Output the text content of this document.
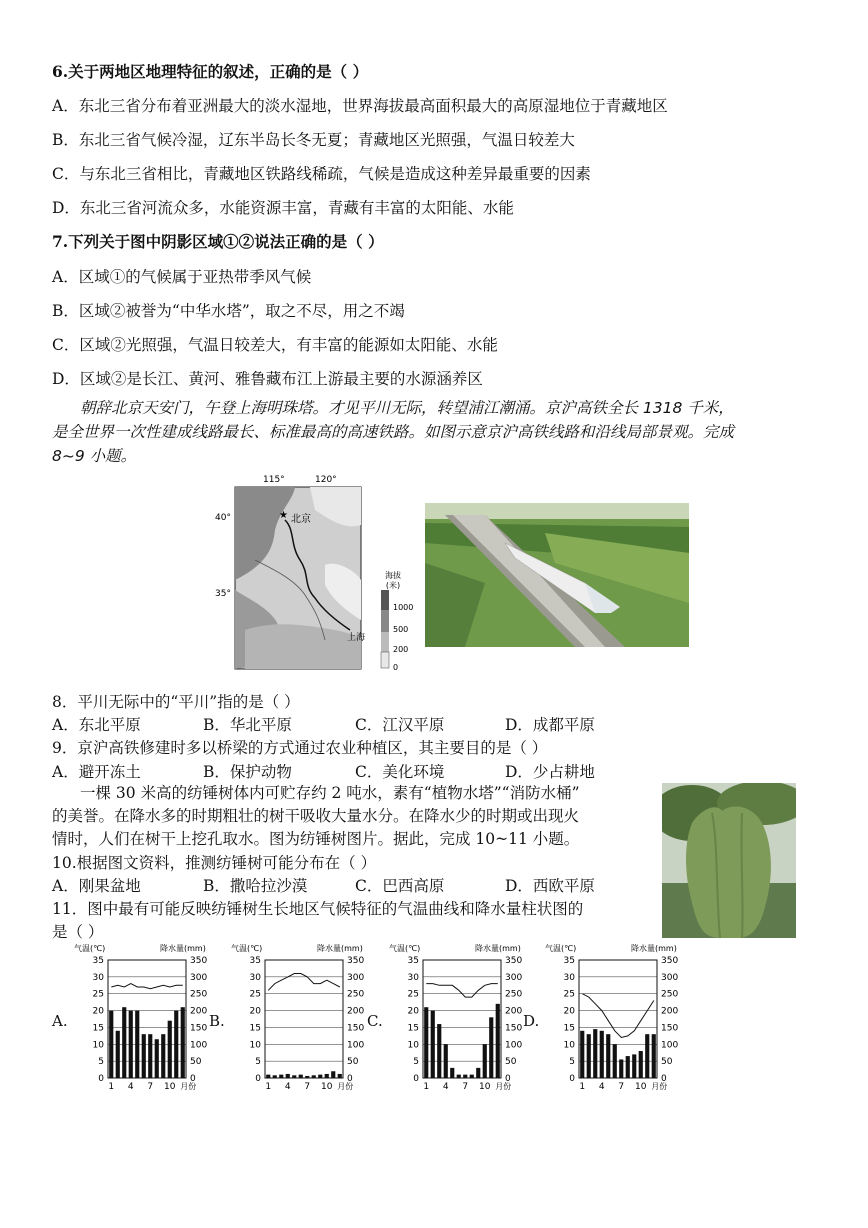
6.关于两地区地理特征的叙述，正确的是（ ）
A．东北三省分布着亚洲最大的淡水湿地，世界海拔最高面积最大的高原湿地位于青藏地区
B．东北三省气候冷湿，辽东半岛长冬无夏；青藏地区光照强，气温日较差大
C．与东北三省相比，青藏地区铁路线稀疏，气候是造成这种差异最重要的因素
D．东北三省河流众多，水能资源丰富，青藏有丰富的太阳能、水能
7.下列关于图中阴影区域①②说法正确的是（ ）
A．区域①的气候属于亚热带季风气候
B．区域②被誉为“中华水塔”，取之不尽，用之不竭
C．区域②光照强，气温日较差大，有丰富的能源如太阳能、水能
D．区域②是长江、黄河、雅鲁藏布江上游最主要的水源涵养区
朝辞北京天安门，午登上海明珠塔。才见平川无际，转望浦江潮涌。京沪高铁全长 1318 千米，
是全世界一次性建成线路最长、标准最高的高速铁路。如图示意京沪高铁线路和沿线局部景观。完成
8~9 小题。
★ 北京
上海
115°	120°
40°
35°
海拔
(米)
1000
500
200
0
8．平川无际中的“平川”指的是（ ）
A．东北平原	B．华北平原	C．江汉平原	D．成都平原
9．京沪高铁修建时多以桥梁的方式通过农业种植区，其主要目的是（ ）
A．避开冻土	B．保护动物	C．美化环境	D．少占耕地
一棵 30 米高的纺锤树体内可贮存约 2 吨水，素有“植物水塔”“消防水桶”
的美誉。在降水多的时期粗壮的树干吸收大量水分。在降水少的时期或出现火
情时，人们在树干上挖孔取水。图为纺锤树图片。据此，完成 10~11 小题。
10.根据图文资料，推测纺锤树可能分布在（ ）
A．刚果盆地	B．撒哈拉沙漠	C．巴西高原	D．西欧平原
11．图中最有可能反映纺锤树生长地区气候特征的气温曲线和降水量柱状图的
是（ ）
气温(℃)	降水量(mm)
0	0
5	50
10	100
15	150
20	200
25	250
30	300
35	350
1 4 7 10 月份
气温(℃)	降水量(mm)
0	0
5	50
10	100
15	150
20	200
25	250
30	300
35	350
1 4 7 10 月份
气温(℃)	降水量(mm)
0	0
5	50
10	100
15	150
20	200
25	250
30	300
35	350
1 4 7 10 月份
气温(℃)	降水量(mm)
0	0
5	50
10	100
15	150
20	200
25	250
30	300
35	350
1 4 7 10 月份
A.	B.	C.	D.
